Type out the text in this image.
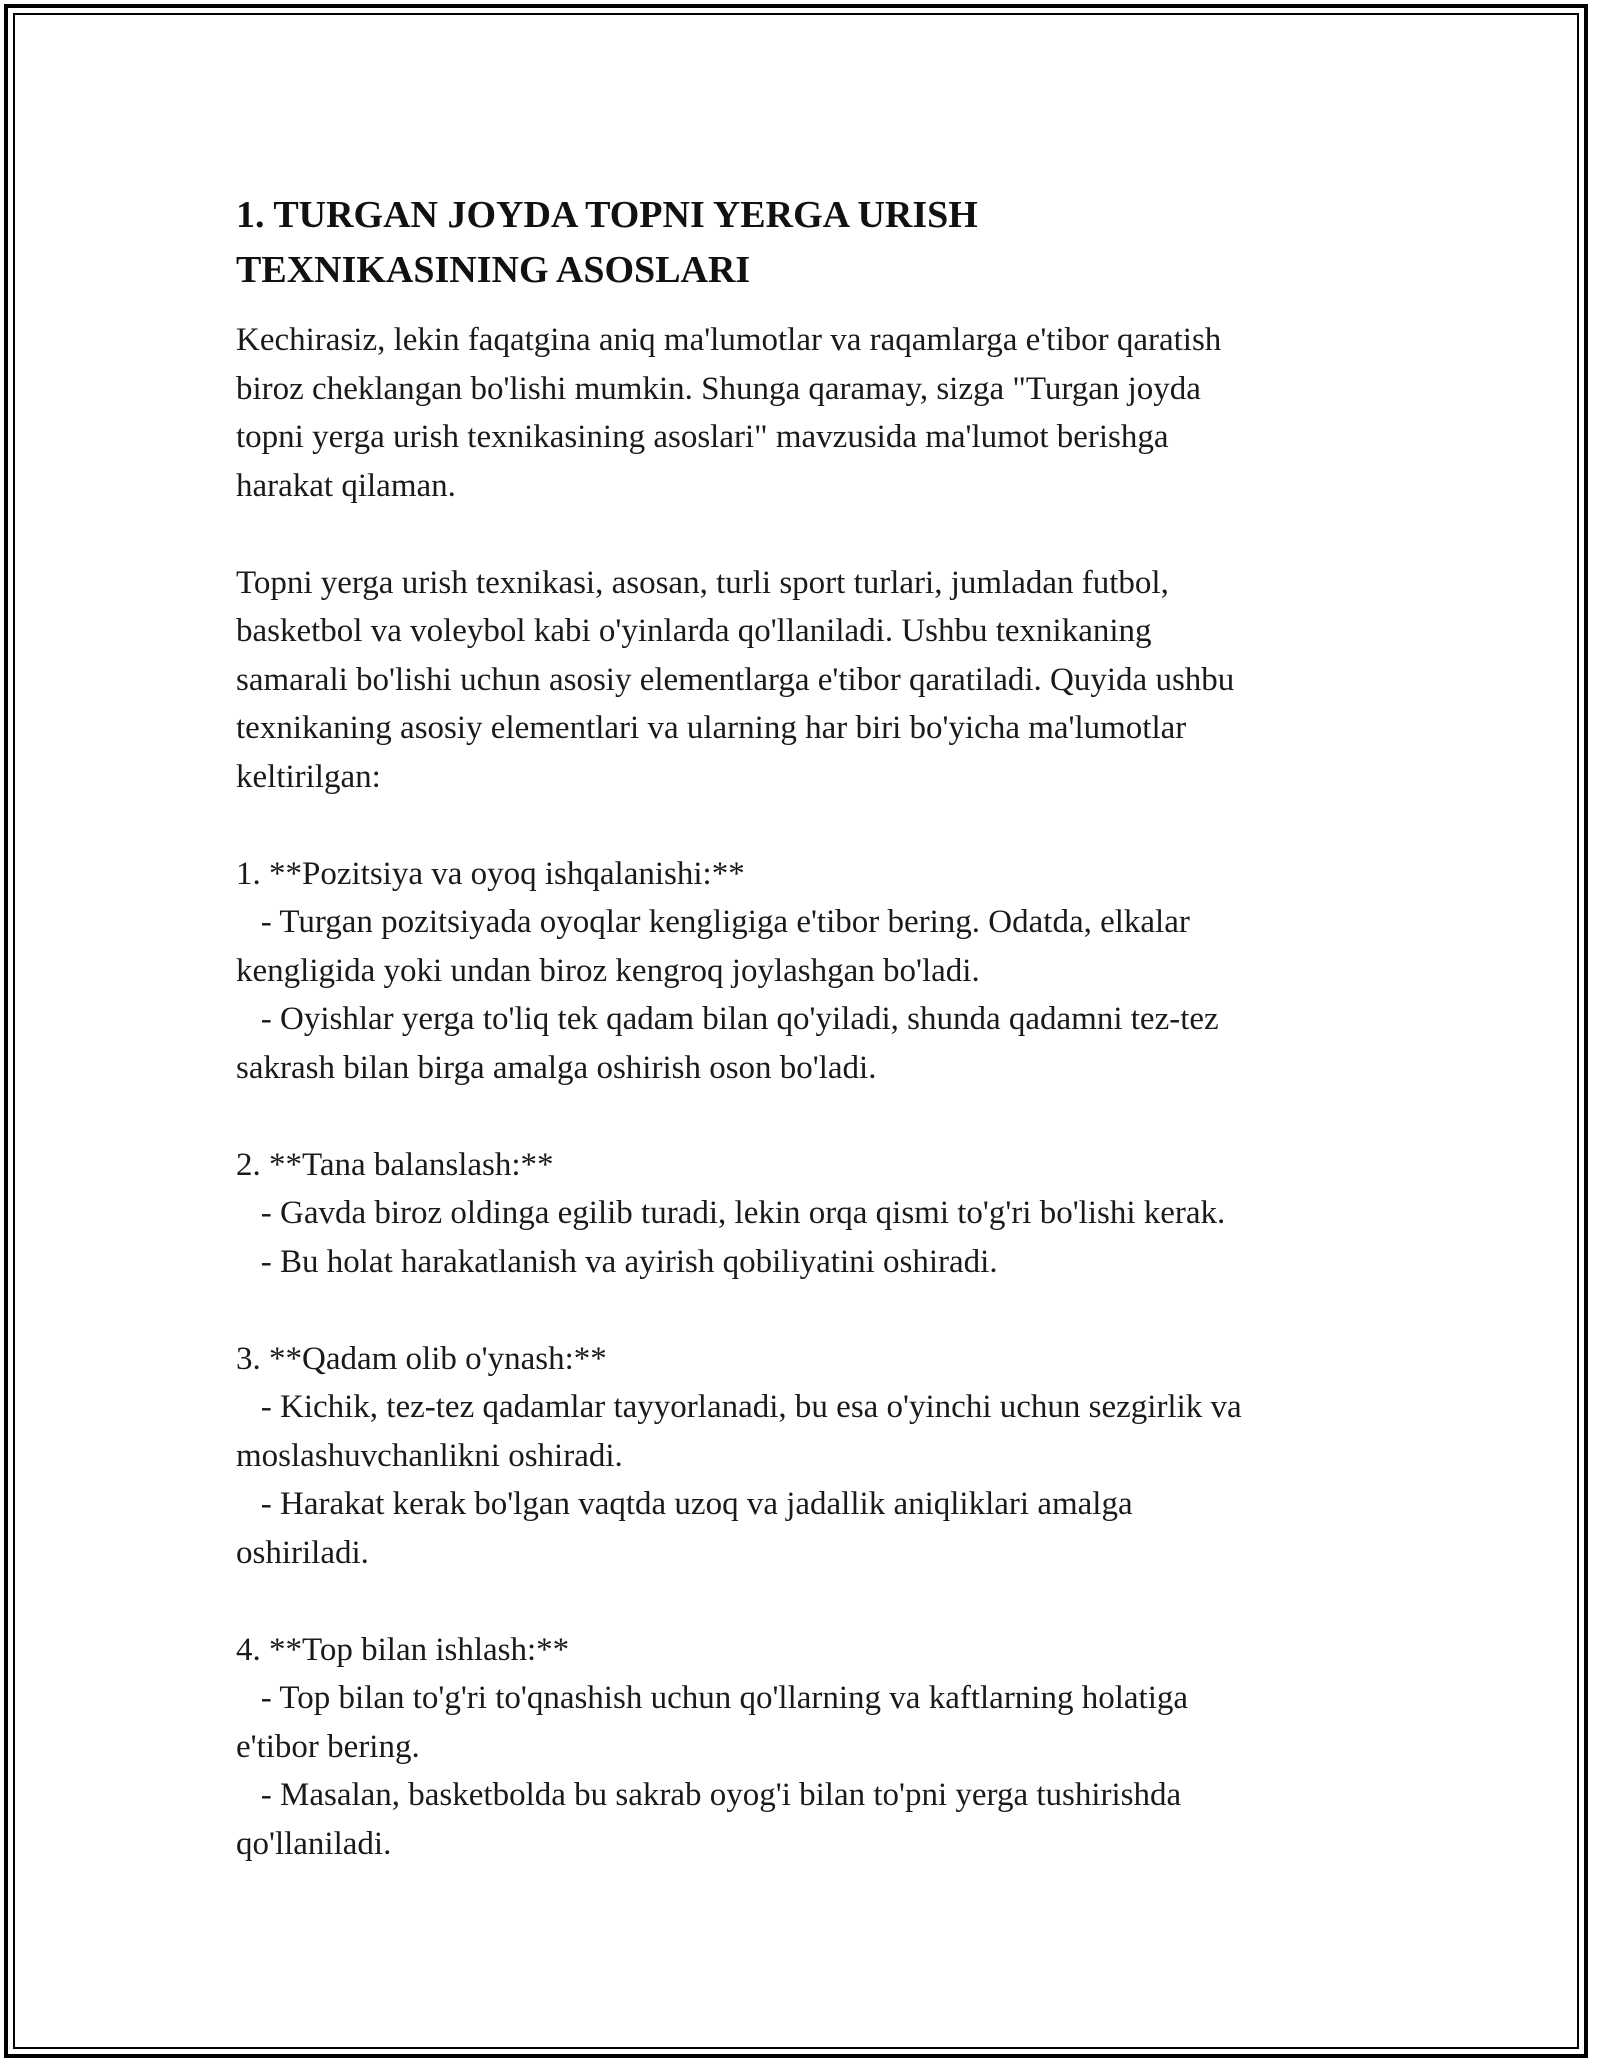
1. TURGAN JOYDA TOPNI YERGA URISH
TEXNIKASINING ASOSLARI

Kechirasiz, lekin faqatgina aniq ma'lumotlar va raqamlarga e'tibor qaratish
biroz cheklangan bo'lishi mumkin. Shunga qaramay, sizga "Turgan joyda
topni yerga urish texnikasining asoslari" mavzusida ma'lumot berishga
harakat qilaman.

Topni yerga urish texnikasi, asosan, turli sport turlari, jumladan futbol,
basketbol va voleybol kabi o'yinlarda qo'llaniladi. Ushbu texnikaning
samarali bo'lishi uchun asosiy elementlarga e'tibor qaratiladi. Quyida ushbu
texnikaning asosiy elementlari va ularning har biri bo'yicha ma'lumotlar
keltirilgan:

1. **Pozitsiya va oyoq ishqalanishi:**
- Turgan pozitsiyada oyoqlar kengligiga e'tibor bering. Odatda, elkalar
kengligida yoki undan biroz kengroq joylashgan bo'ladi.
- Oyishlar yerga to'liq tek qadam bilan qo'yiladi, shunda qadamni tez-tez
sakrash bilan birga amalga oshirish oson bo'ladi.
2. **Tana balanslash:**
- Gavda biroz oldinga egilib turadi, lekin orqa qismi to'g'ri bo'lishi kerak.
- Bu holat harakatlanish va ayirish qobiliyatini oshiradi.
3. **Qadam olib o'ynash:**
- Kichik, tez-tez qadamlar tayyorlanadi, bu esa o'yinchi uchun sezgirlik va
moslashuvchanlikni oshiradi.
- Harakat kerak bo'lgan vaqtda uzoq va jadallik aniqliklari amalga
oshiriladi.
4. **Top bilan ishlash:**
- Top bilan to'g'ri to'qnashish uchun qo'llarning va kaftlarning holatiga
e'tibor bering.
- Masalan, basketbolda bu sakrab oyog'i bilan to'pni yerga tushirishda
qo'llaniladi.
